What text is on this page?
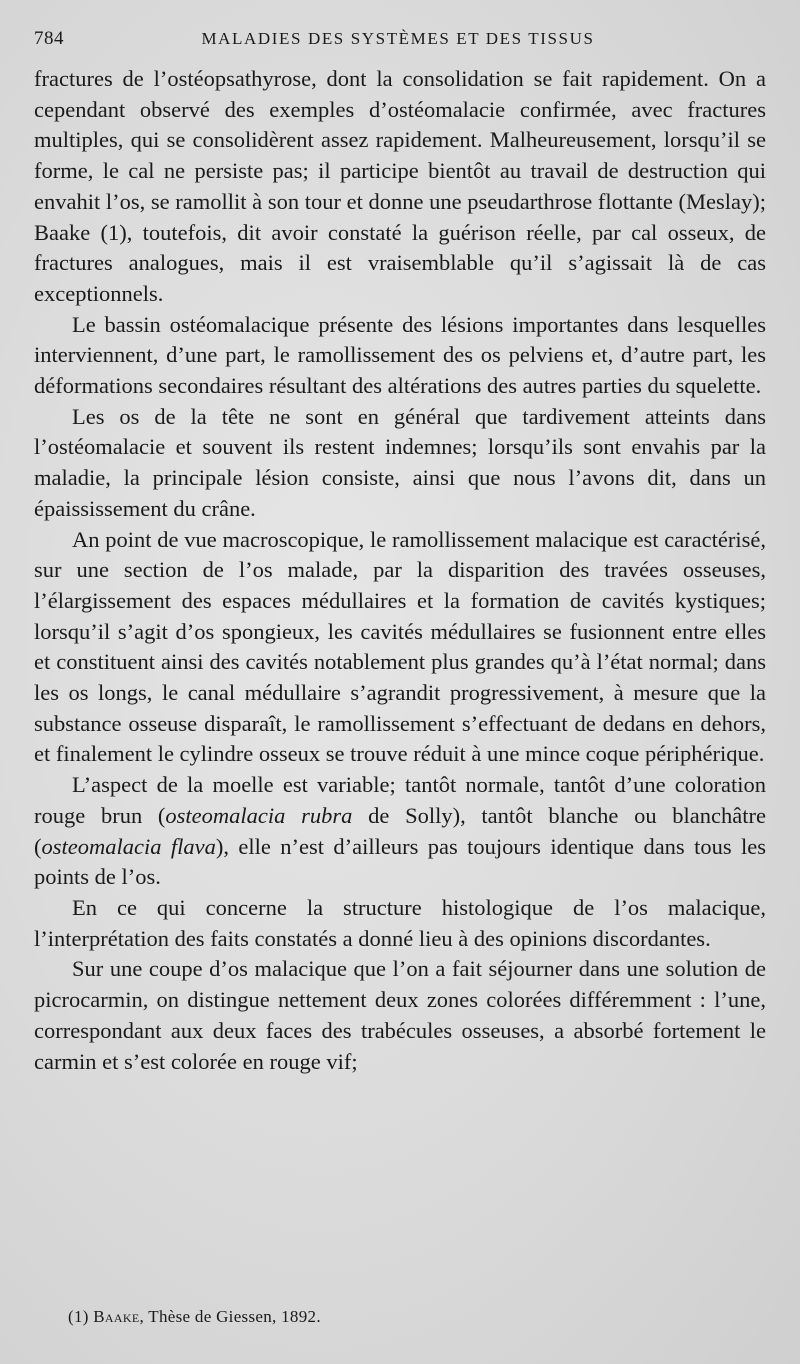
784	MALADIES DES SYSTÈMES ET DES TISSUS

fractures de l’ostéopsathyrose, dont la consolidation se fait rapidement. On a cependant observé des exemples d’ostéomalacie confirmée, avec fractures multiples, qui se consolidèrent assez rapidement. Malheureusement, lorsqu’il se forme, le cal ne persiste pas; il participe bientôt au travail de destruction qui envahit l’os, se ramollit à son tour et donne une pseudarthrose flottante (Meslay); Baake (1), toutefois, dit avoir constaté la guérison réelle, par cal osseux, de fractures analogues, mais il est vraisemblable qu’il s’agissait là de cas exceptionnels.

Le bassin ostéomalacique présente des lésions importantes dans lesquelles interviennent, d’une part, le ramollissement des os pelviens et, d’autre part, les déformations secondaires résultant des altérations des autres parties du squelette.

Les os de la tête ne sont en général que tardivement atteints dans l’ostéomalacie et souvent ils restent indemnes; lorsqu’ils sont envahis par la maladie, la principale lésion consiste, ainsi que nous l’avons dit, dans un épaississement du crâne.

An point de vue macroscopique, le ramollissement malacique est caractérisé, sur une section de l’os malade, par la disparition des travées osseuses, l’élargissement des espaces médullaires et la formation de cavités kystiques; lorsqu’il s’agit d’os spongieux, les cavités médullaires se fusionnent entre elles et constituent ainsi des cavités notablement plus grandes qu’à l’état normal; dans les os longs, le canal médullaire s’agrandit progressivement, à mesure que la substance osseuse disparaît, le ramollissement s’effectuant de dedans en dehors, et finalement le cylindre osseux se trouve réduit à une mince coque périphérique.

L’aspect de la moelle est variable; tantôt normale, tantôt d’une coloration rouge brun (osteomalacia rubra de Solly), tantôt blanche ou blanchâtre (osteomalacia flava), elle n’est d’ailleurs pas toujours identique dans tous les points de l’os.

En ce qui concerne la structure histologique de l’os malacique, l’interprétation des faits constatés a donné lieu à des opinions discordantes.

Sur une coupe d’os malacique que l’on a fait séjourner dans une solution de picrocarmin, on distingue nettement deux zones colorées différemment : l’une, correspondant aux deux faces des trabécules osseuses, a absorbé fortement le carmin et s’est colorée en rouge vif;

(1) Baake, Thèse de Giessen, 1892.
